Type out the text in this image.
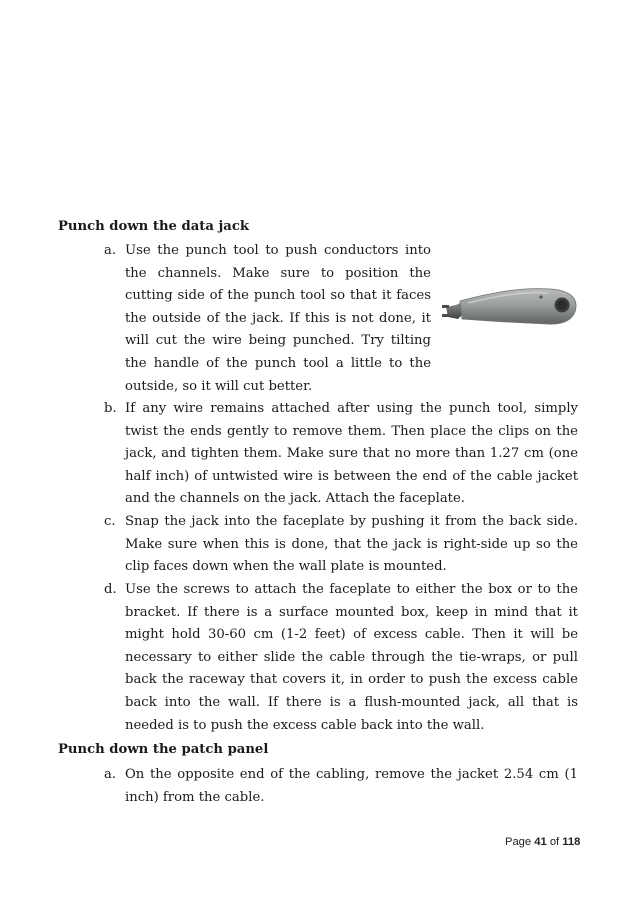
Punch down the data jack
a. Use the punch tool to push conductors into the channels. Make sure to position the cutting side of the punch tool so that it faces the outside of the jack. If this is not done, it will cut the wire being punched. Try tilting the handle of the punch tool a little to the outside, so it will cut better.

b. If any wire remains attached after using the punch tool, simply twist the ends gently to remove them. Then place the clips on the jack, and tighten them. Make sure that no more than 1.27 cm (one half inch) of untwisted wire is between the end of the cable jacket and the channels on the jack. Attach the faceplate.

c. Snap the jack into the faceplate by pushing it from the back side. Make sure when this is done, that the jack is right-side up so the clip faces down when the wall plate is mounted.

d. Use the screws to attach the faceplate to either the box or to the bracket. If there is a surface mounted box, keep in mind that it might hold 30-60 cm (1-2 feet) of excess cable. Then it will be necessary to either slide the cable through the tie-wraps, or pull back the raceway that covers it, in order to push the excess cable back into the wall. If there is a flush-mounted jack, all that is needed is to push the excess cable back into the wall.

Punch down the patch panel
a. On the opposite end of the cabling, remove the jacket 2.54 cm (1 inch) from the cable.

Page 41 of 118
